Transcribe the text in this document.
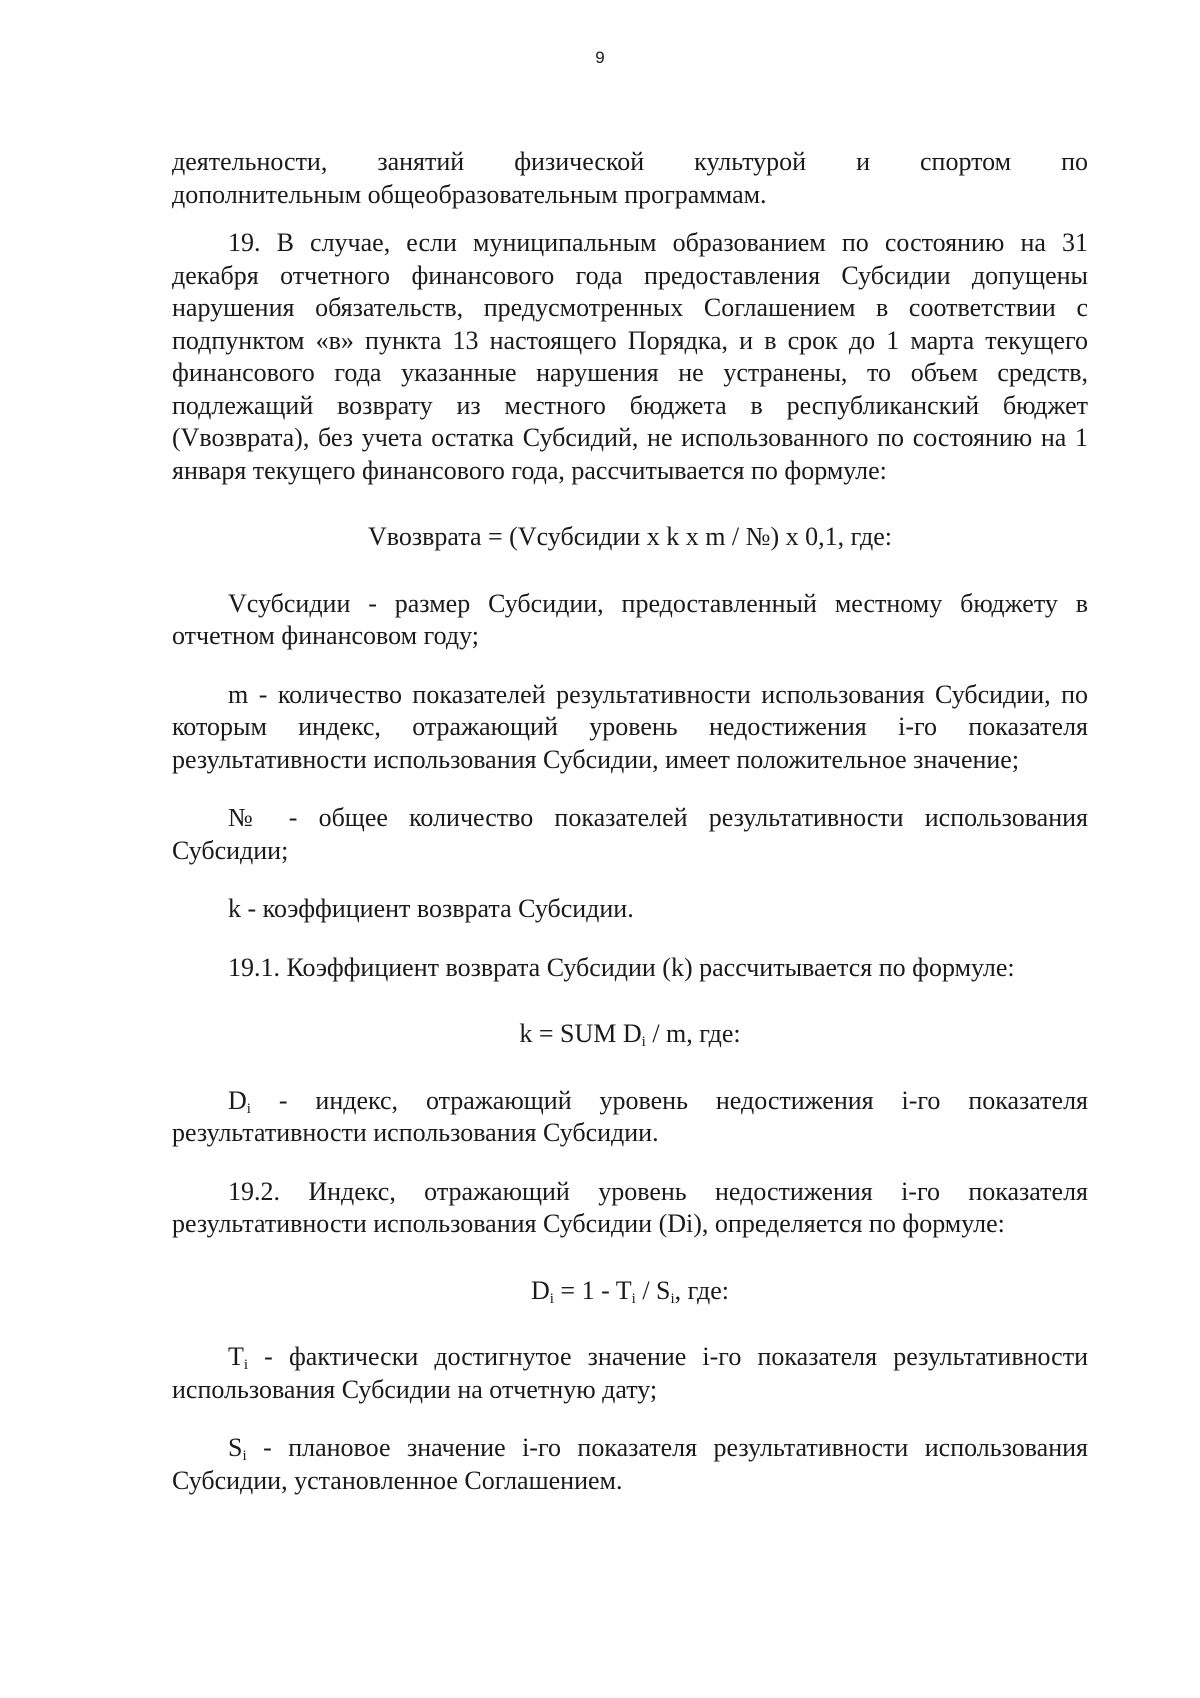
9

деятельности, занятий физической культурой и спортом по

дополнительным общеобразовательным программам.

19. В случае, если муниципальным образованием по состоянию на 31 декабря отчетного финансового года предоставления Субсидии допущены нарушения обязательств, предусмотренных Соглашением в соответствии с подпунктом «в» пункта 13 настоящего Порядка, и в срок до 1 марта текущего финансового года указанные нарушения не устранены, то объем средств, подлежащий возврату из местного бюджета в республиканский бюджет (Vвозврата), без учета остатка Субсидий, не использованного по состоянию на 1 января текущего финансового года, рассчитывается по формуле:

Vвозврата = (Vсубсидии x k x m / №) x 0,1, где:

Vсубсидии - размер Субсидии, предоставленный местному бюджету в отчетном финансовом году;

m - количество показателей результативности использования Субсидии, по которым индекс, отражающий уровень недостижения i-го показателя результативности использования Субсидии, имеет положительное значение;

№ - общее количество показателей результативности использования Субсидии;

k - коэффициент возврата Субсидии.

19.1. Коэффициент возврата Субсидии (k) рассчитывается по формуле:

k = SUM $D_i$ / m, где:

$D_i$ - индекс, отражающий уровень недостижения i-го показателя результативности использования Субсидии.

19.2. Индекс, отражающий уровень недостижения i-го показателя результативности использования Субсидии (Di), определяется по формуле:

$D_i = 1 - T_i / S_i$, где:

$T_i$ - фактически достигнутое значение i-го показателя результативности использования Субсидии на отчетную дату;

$S_i$ - плановое значение i-го показателя результативности использования Субсидии, установленное Соглашением.
